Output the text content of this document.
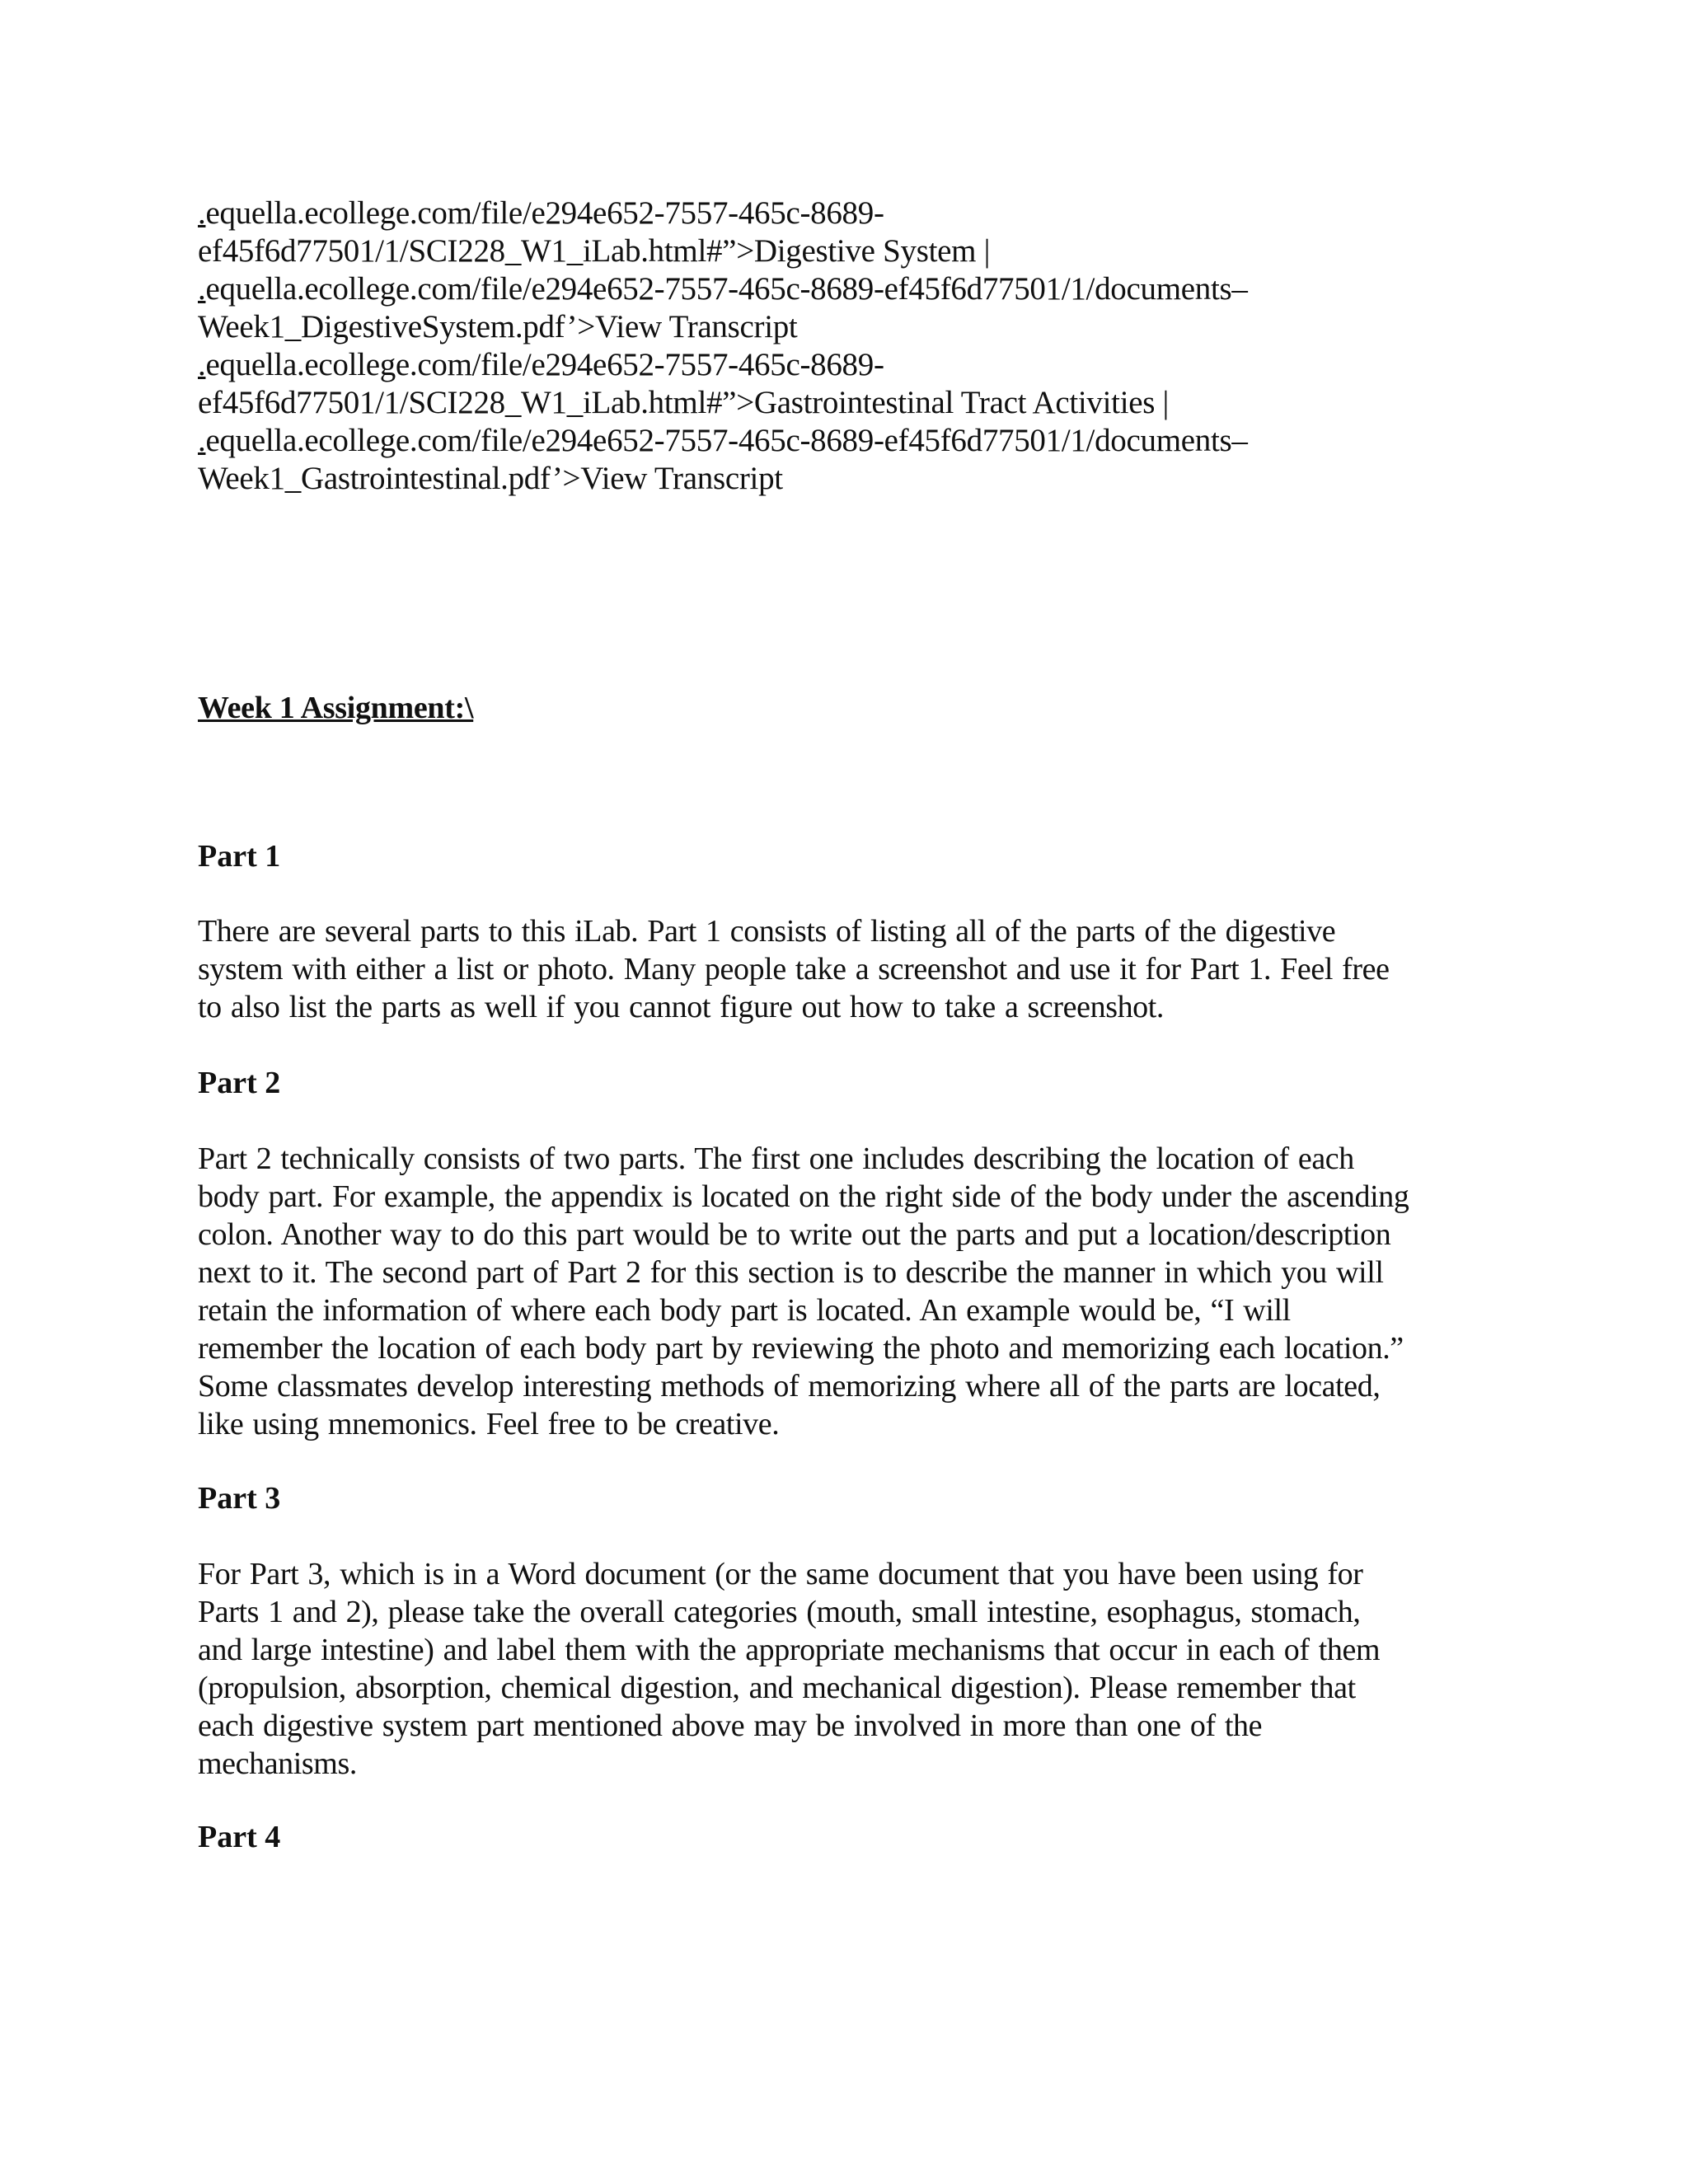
.equella.ecollege.com/file/e294e652-7557-465c-8689-
ef45f6d77501/1/SCI228_W1_iLab.html#”>Digestive System |
.equella.ecollege.com/file/e294e652-7557-465c-8689-ef45f6d77501/1/documents–
Week1_DigestiveSystem.pdf’>View Transcript
.equella.ecollege.com/file/e294e652-7557-465c-8689-
ef45f6d77501/1/SCI228_W1_iLab.html#”>Gastrointestinal Tract Activities |
.equella.ecollege.com/file/e294e652-7557-465c-8689-ef45f6d77501/1/documents–
Week1_Gastrointestinal.pdf’>View Transcript
Week 1 Assignment:\
Part 1
There are several parts to this iLab. Part 1 consists of listing all of the parts of the digestive
system with either a list or photo. Many people take a screenshot and use it for Part 1. Feel free
to also list the parts as well if you cannot figure out how to take a screenshot.
Part 2
Part 2 technically consists of two parts. The first one includes describing the location of each
body part. For example, the appendix is located on the right side of the body under the ascending
colon. Another way to do this part would be to write out the parts and put a location/description
next to it. The second part of Part 2 for this section is to describe the manner in which you will
retain the information of where each body part is located. An example would be, “I will
remember the location of each body part by reviewing the photo and memorizing each location.”
Some classmates develop interesting methods of memorizing where all of the parts are located,
like using mnemonics. Feel free to be creative.
Part 3
For Part 3, which is in a Word document (or the same document that you have been using for
Parts 1 and 2), please take the overall categories (mouth, small intestine, esophagus, stomach,
and large intestine) and label them with the appropriate mechanisms that occur in each of them
(propulsion, absorption, chemical digestion, and mechanical digestion). Please remember that
each digestive system part mentioned above may be involved in more than one of the
mechanisms.
Part 4
